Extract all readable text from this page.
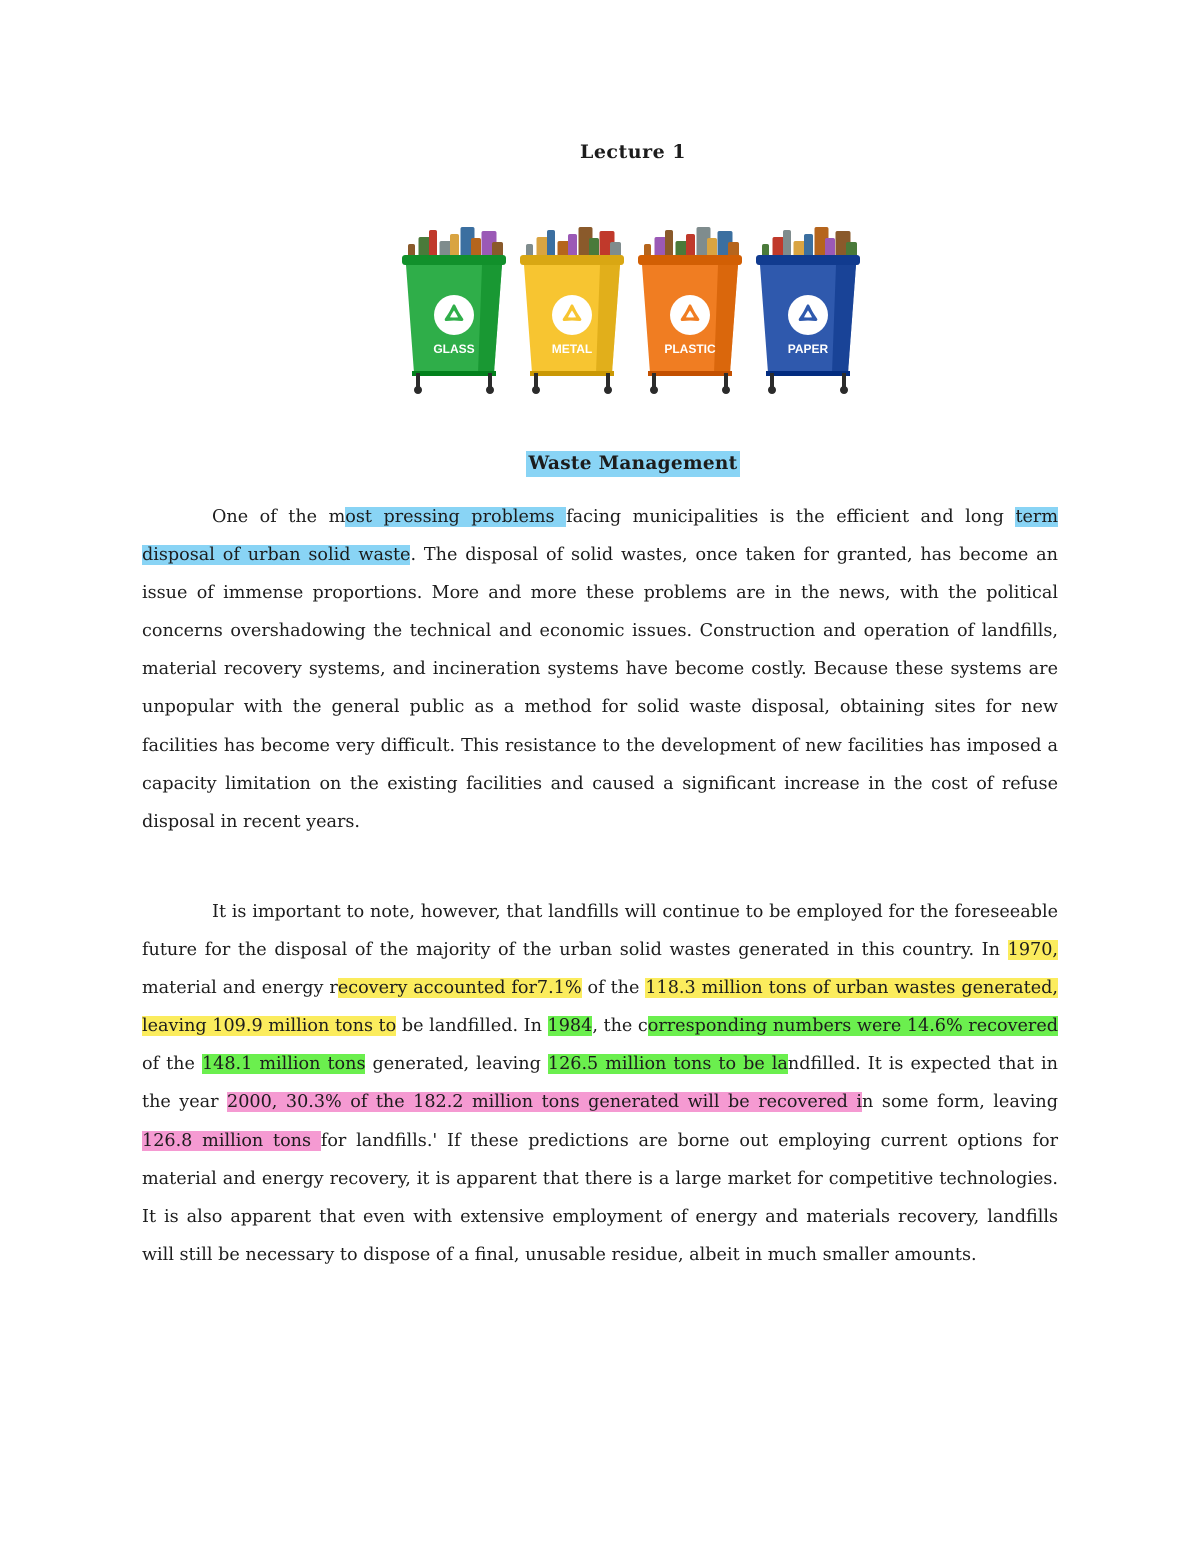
Lecture 1
GLASS	METAL	PLASTIC	PAPER
Waste Management

One of the most pressing problems facing municipalities is the efficient and long term disposal of urban solid waste. The disposal of solid wastes, once taken for granted, has become an issue of immense proportions. More and more these problems are in the news, with the political concerns overshadowing the technical and economic issues. Construction and operation of landfills, material recovery systems, and incineration systems have become costly. Because these systems are unpopular with the general public as a method for solid waste disposal, obtaining sites for new facilities has become very difficult. This resistance to the development of new facilities has imposed a capacity limitation on the existing facilities and caused a significant increase in the cost of refuse disposal in recent years.

It is important to note, however, that landfills will continue to be employed for the foreseeable future for the disposal of the majority of the urban solid wastes generated in this country. In 1970, material and energy recovery accounted for7.1% of the 118.3 million tons of urban wastes generated, leaving 109.9 million tons to be landfilled. In 1984, the corresponding numbers were 14.6% recovered of the 148.1 million tons generated, leaving 126.5 million tons to be landfilled. It is expected that in the year 2000, 30.3% of the 182.2 million tons generated will be recovered in some form, leaving 126.8 million tons for landfills.' If these predictions are borne out employing current options for material and energy recovery, it is apparent that there is a large market for competitive technologies. It is also apparent that even with extensive employment of energy and materials recovery, landfills will still be necessary to dispose of a final, unusable residue, albeit in much smaller amounts.
